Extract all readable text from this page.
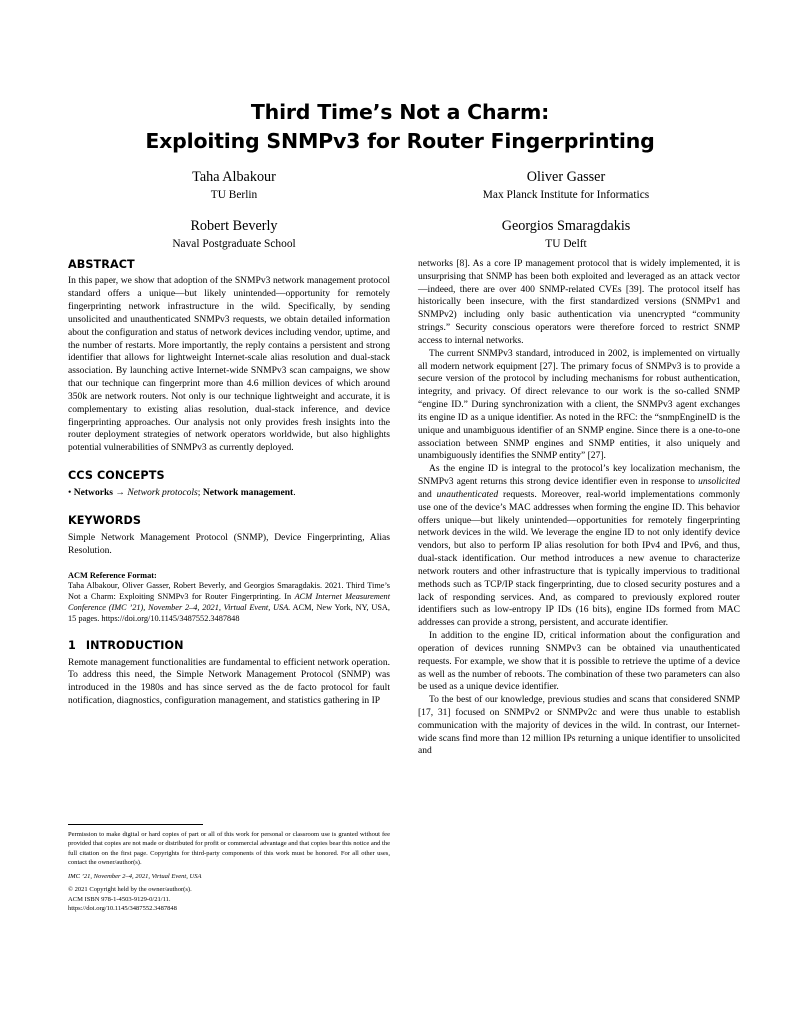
Third Time’s Not a Charm:
Exploiting SNMPv3 for Router Fingerprinting
Taha Albakour
TU Berlin
Oliver Gasser
Max Planck Institute for Informatics
Robert Beverly
Naval Postgraduate School
Georgios Smaragdakis
TU Delft
ABSTRACT

In this paper, we show that adoption of the SNMPv3 network management protocol standard offers a unique—but likely unintended—opportunity for remotely fingerprinting network infrastructure in the wild. Specifically, by sending unsolicited and unauthenticated SNMPv3 requests, we obtain detailed information about the configuration and status of network devices including vendor, uptime, and the number of restarts. More importantly, the reply contains a persistent and strong identifier that allows for lightweight Internet-scale alias resolution and dual-stack association. By launching active Internet-wide SNMPv3 scan campaigns, we show that our technique can fingerprint more than 4.6 million devices of which around 350k are network routers. Not only is our technique lightweight and accurate, it is complementary to existing alias resolution, dual-stack inference, and device fingerprinting approaches. Our analysis not only provides fresh insights into the router deployment strategies of network operators worldwide, but also highlights potential vulnerabilities of SNMPv3 as currently deployed.

CCS CONCEPTS

• Networks → Network protocols; Network management.

KEYWORDS

Simple Network Management Protocol (SNMP), Device Fingerprinting, Alias Resolution.

ACM Reference Format:

Taha Albakour, Oliver Gasser, Robert Beverly, and Georgios Smaragdakis. 2021. Third Time’s Not a Charm: Exploiting SNMPv3 for Router Fingerprinting. In ACM Internet Measurement Conference (IMC ’21), November 2–4, 2021, Virtual Event, USA. ACM, New York, NY, USA, 15 pages. https://doi.org/10.1145/3487552.3487848

1 INTRODUCTION

Remote management functionalities are fundamental to efficient network operation. To address this need, the Simple Network Management Protocol (SNMP) was introduced in the 1980s and has since served as the de facto protocol for fault notification, diagnostics, configuration management, and statistics gathering in IP

networks [8]. As a core IP management protocol that is widely implemented, it is unsurprising that SNMP has been both exploited and leveraged as an attack vector—indeed, there are over 400 SNMP-related CVEs [39]. The protocol itself has historically been insecure, with the first standardized versions (SNMPv1 and SNMPv2) including only basic authentication via unencrypted “community strings.” Security conscious operators were therefore forced to restrict SNMP access to internal networks.

The current SNMPv3 standard, introduced in 2002, is implemented on virtually all modern network equipment [27]. The primary focus of SNMPv3 is to provide a secure version of the protocol by including mechanisms for robust authentication, integrity, and privacy. Of direct relevance to our work is the so-called SNMP “engine ID.” During synchronization with a client, the SNMPv3 agent exchanges its engine ID as a unique identifier. As noted in the RFC: the “snmpEngineID is the unique and unambiguous identifier of an SNMP engine. Since there is a one-to-one association between SNMP engines and SNMP entities, it also uniquely and unambiguously identifies the SNMP entity” [27].

As the engine ID is integral to the protocol’s key localization mechanism, the SNMPv3 agent returns this strong device identifier even in response to unsolicited and unauthenticated requests. Moreover, real-world implementations commonly use one of the device’s MAC addresses when forming the engine ID. This behavior offers unique—but likely unintended—opportunities for remotely fingerprinting network devices in the wild. We leverage the engine ID to not only identify device vendors, but also to perform IP alias resolution for both IPv4 and IPv6, and thus, dual-stack identification. Our method introduces a new avenue to characterize network routers and other infrastructure that is typically impervious to traditional methods such as TCP/IP stack fingerprinting, due to closed security postures and a lack of responding services. And, as compared to previously explored router identifiers such as low-entropy IP IDs (16 bits), engine IDs formed from MAC addresses can provide a strong, persistent, and accurate identifier.

In addition to the engine ID, critical information about the configuration and operation of devices running SNMPv3 can be obtained via unauthenticated requests. For example, we show that it is possible to retrieve the uptime of a device as well as the number of reboots. The combination of these two parameters can also be used as a unique device identifier.

To the best of our knowledge, previous studies and scans that considered SNMP [17, 31] focused on SNMPv2 or SNMPv2c and were thus unable to establish communication with the majority of devices in the wild. In contrast, our Internet-wide scans find more than 12 million IPs returning a unique identifier to unsolicited and

Permission to make digital or hard copies of part or all of this work for personal or classroom use is granted without fee provided that copies are not made or distributed for profit or commercial advantage and that copies bear this notice and the full citation on the first page. Copyrights for third-party components of this work must be honored. For all other uses, contact the owner/author(s).
IMC ’21, November 2–4, 2021, Virtual Event, USA
© 2021 Copyright held by the owner/author(s).
ACM ISBN 978-1-4503-9129-0/21/11.
https://doi.org/10.1145/3487552.3487848
